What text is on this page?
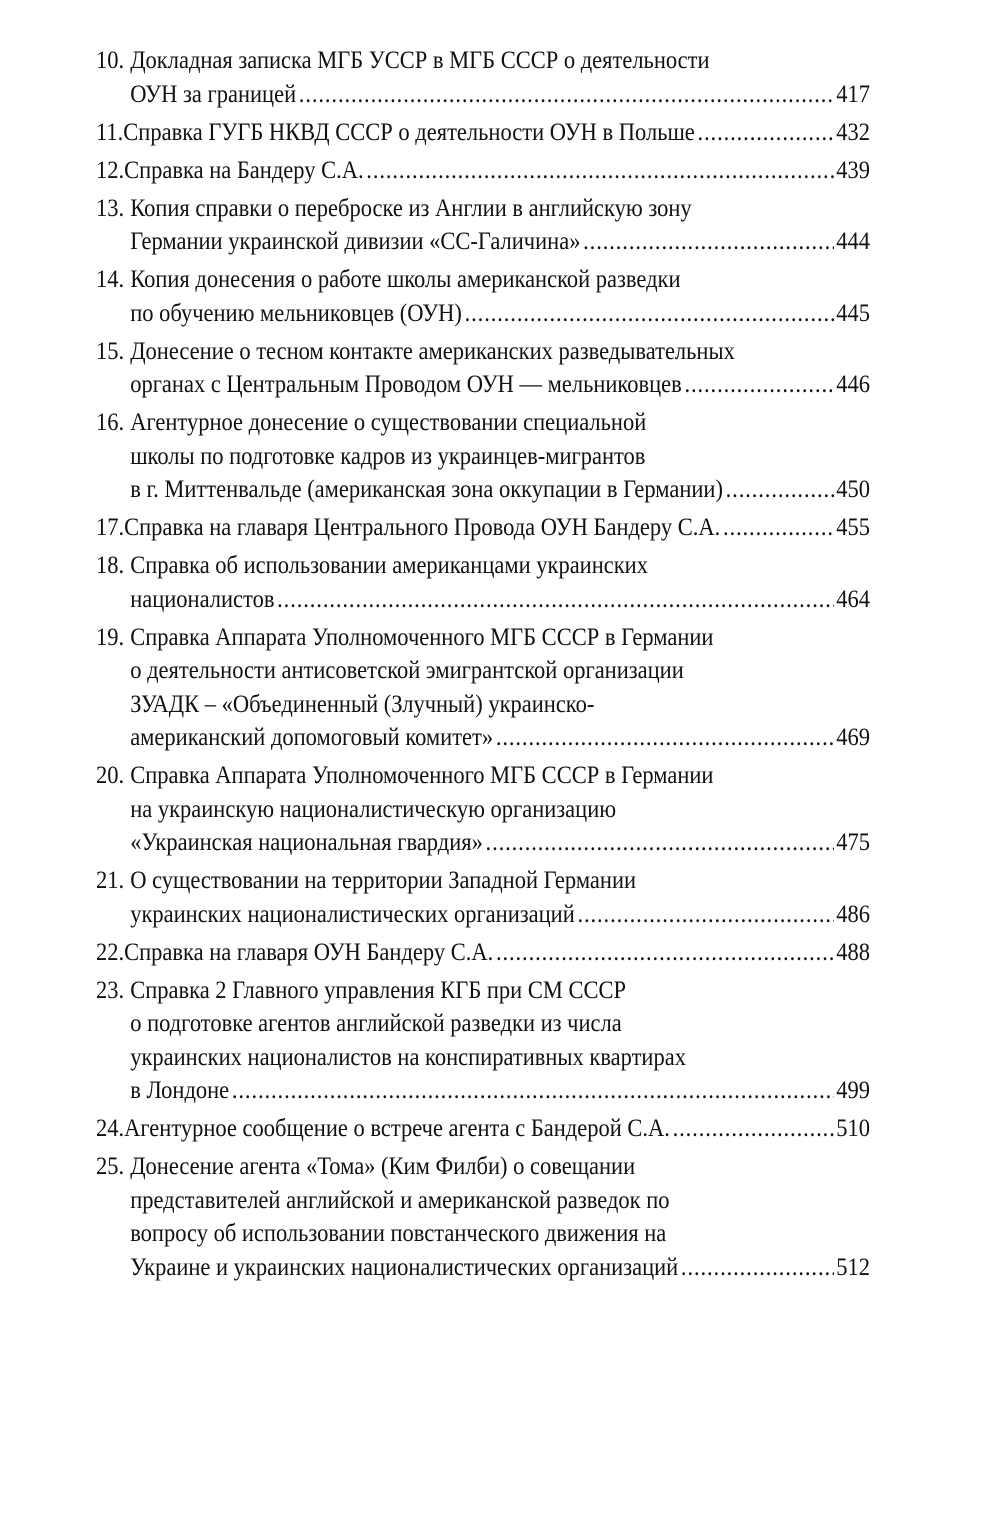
10. Докладная записка МГБ УССР в МГБ СССР о деятельности
ОУН за границей .....	417
11. Справка ГУГБ НКВД СССР о деятельности ОУН в Польше .....	432
12. Справка на Бандеру С.А. .....	439
13. Копия справки о переброске из Англии в английскую зону
Германии украинской дивизии «СС-Галичина» .....	444
14. Копия донесения о работе школы американской разведки
по обучению мельниковцев (ОУН) .....	445
15. Донесение о тесном контакте американских разведывательных
органах с Центральным Проводом ОУН — мельниковцев .....	446
16. Агентурное донесение о существовании специальной
школы по подготовке кадров из украинцев-мигрантов
в г. Миттенвальде (американская зона оккупации в Германии) .....	450
17. Справка на главаря Центрального Провода ОУН Бандеру С.А. .....	455
18. Справка об использовании американцами украинских
националистов .....	464
19. Справка Аппарата Уполномоченного МГБ СССР в Германии
о деятельности антисоветской эмигрантской организации
ЗУАДК – «Объединенный (Злучный) украинско-
американский допомоговый комитет» .....	469
20. Справка Аппарата Уполномоченного МГБ СССР в Германии
на украинскую националистическую организацию
«Украинская национальная гвардия» .....	475
21. О существовании на территории Западной Германии
украинских националистических организаций .....	486
22. Справка на главаря ОУН Бандеру С.А. .....	488
23. Справка 2 Главного управления КГБ при СМ СССР
о подготовке агентов английской разведки из числа
украинских националистов на конспиративных квартирах
в Лондоне .....	499
24. Агентурное сообщение о встрече агента с Бандерой С.А. .....	510
25. Донесение агента «Тома» (Ким Филби) о совещании
представителей английской и американской разведок по
вопросу об использовании повстанческого движения на
Украине и украинских националистических организаций .....	512
